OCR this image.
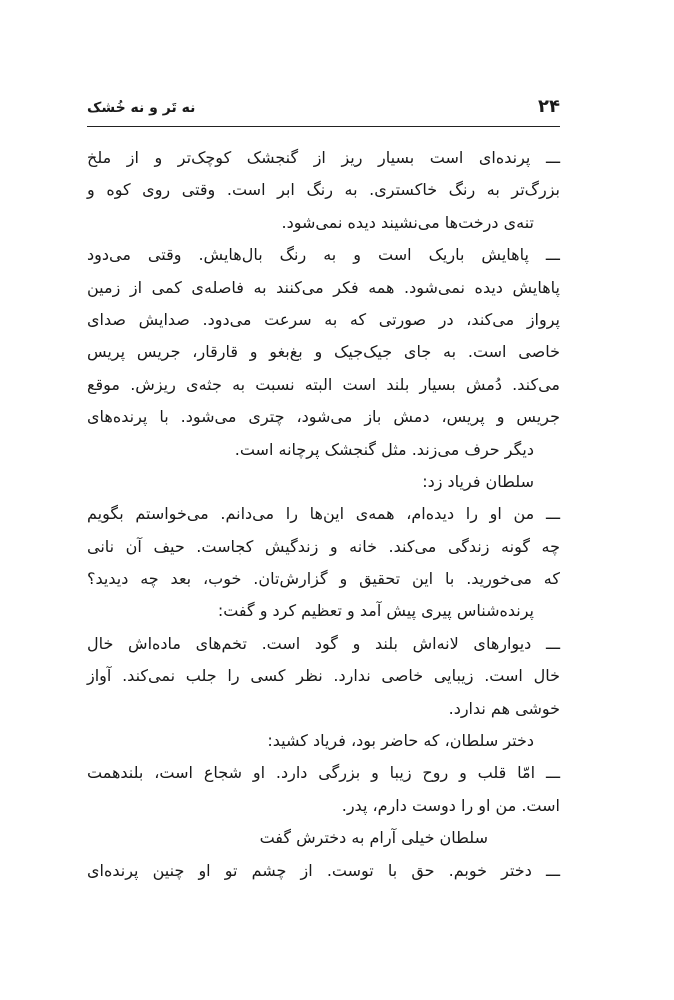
۲۴
نه تَر و نه خُشک
ـــ پرنده‌ای است بسیار ریز از گنجشک کوچک‌تر و از ملخ
بزرگ‌تر به رنگ خاکستری. به رنگ ابر است. وقتی روی کوه و
تنه‌ی درخت‌ها می‌نشیند دیده نمی‌شود.
ـــ پاهایش باریک است و به رنگ بال‌هایش. وقتی می‌دود
پاهایش دیده نمی‌شود. همه فکر می‌کنند به فاصله‌ی کمی از زمین
پرواز می‌کند، در صورتی که به سرعت می‌دود. صدایش صدای
خاصی است. به جای جیک‌جیک و بغ‌بغو و قارقار، جریس پریس
می‌کند. دُمش بسیار بلند است البته نسبت به جثه‌ی ریزش. موقع
جریس و پریس، دمش باز می‌شود، چتری می‌شود. با پرنده‌های
دیگر حرف می‌زند. مثل گنجشک پرچانه است.
سلطان فریاد زد:
ـــ من او را دیده‌ام، همه‌ی این‌ها را می‌دانم. می‌خواستم بگویم
چه گونه زندگی می‌کند. خانه و زندگیش کجاست. حیف آن نانی
که می‌خورید. با این تحقیق و گزارش‌تان. خوب، بعد چه دیدید؟
پرنده‌شناس پیری پیش آمد و تعظیم کرد و گفت:
ـــ دیوارهای لانه‌اش بلند و گود است. تخم‌های ماده‌اش خال
خال است. زیبایی خاصی ندارد. نظر کسی را جلب نمی‌کند. آواز
خوشی هم ندارد.
دختر سلطان، که حاضر بود، فریاد کشید:
ـــ امّا قلب و روح زیبا و بزرگی دارد. او شجاع است، بلندهمت
است. من او را دوست دارم، پدر.
سلطان خیلی آرام به دخترش گفت
ـــ دختر خوبم. حق با توست. از چشم تو او چنین پرنده‌ای
